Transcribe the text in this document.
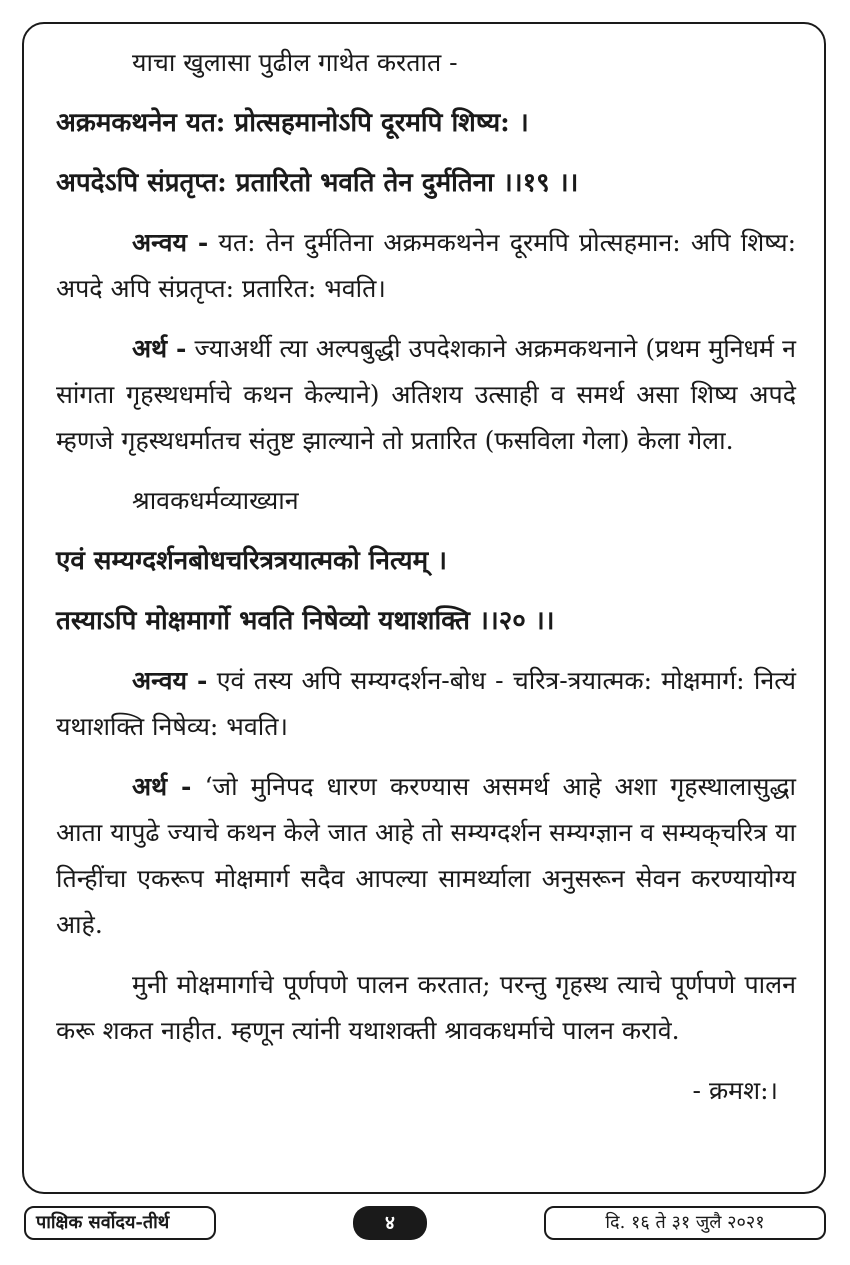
याचा खुलासा पुढील गाथेत करतात -

अक्रमकथनेन यत: प्रोत्सहमानोऽपि दूरमपि शिष्य: ।

अपदेऽपि संप्रतृप्त: प्रतारितो भवति तेन दुर्मतिना ।।१९ ।।

अन्वय - यत: तेन दुर्मतिना अक्रमकथनेन दूरमपि प्रोत्सहमान: अपि शिष्य: अपदे अपि संप्रतृप्त: प्रतारित: भवति।

अर्थ - ज्याअर्थी त्या अल्पबुद्धी उपदेशकाने अक्रमकथनाने (प्रथम मुनिधर्म न सांगता गृहस्थधर्माचे कथन केल्याने) अतिशय उत्साही व समर्थ असा शिष्य अपदे म्हणजे गृहस्थधर्मातच संतुष्ट झाल्याने तो प्रतारित (फसविला गेला) केला गेला.

श्रावकधर्मव्याख्यान

एवं सम्यग्दर्शनबोधचरित्रत्रयात्मको नित्यम् ।

तस्याऽपि मोक्षमार्गो भवति निषेव्यो यथाशक्ति ।।२० ।।

अन्वय - एवं तस्य अपि सम्यग्दर्शन-बोध - चरित्र-त्रयात्मक: मोक्षमार्ग: नित्यं यथाशक्ति निषेव्य: भवति।

अर्थ - ‘जो मुनिपद धारण करण्यास असमर्थ आहे अशा गृहस्थालासुद्धा आता यापुढे ज्याचे कथन केले जात आहे तो सम्यग्दर्शन सम्यग्ज्ञान व सम्यक्‌चरित्र या तिन्हींचा एकरूप मोक्षमार्ग सदैव आपल्या सामर्थ्याला अनुसरून सेवन करण्यायोग्य आहे.

मुनी मोक्षमार्गाचे पूर्णपणे पालन करतात; परन्तु गृहस्थ त्याचे पूर्णपणे पालन करू शकत नाहीत. म्हणून त्यांनी यथाशक्ती श्रावकधर्माचे पालन करावे.

- क्रमश:।

पाक्षिक सर्वोदय-तीर्थ	४	दि. १६ ते ३१ जुलै २०२१
